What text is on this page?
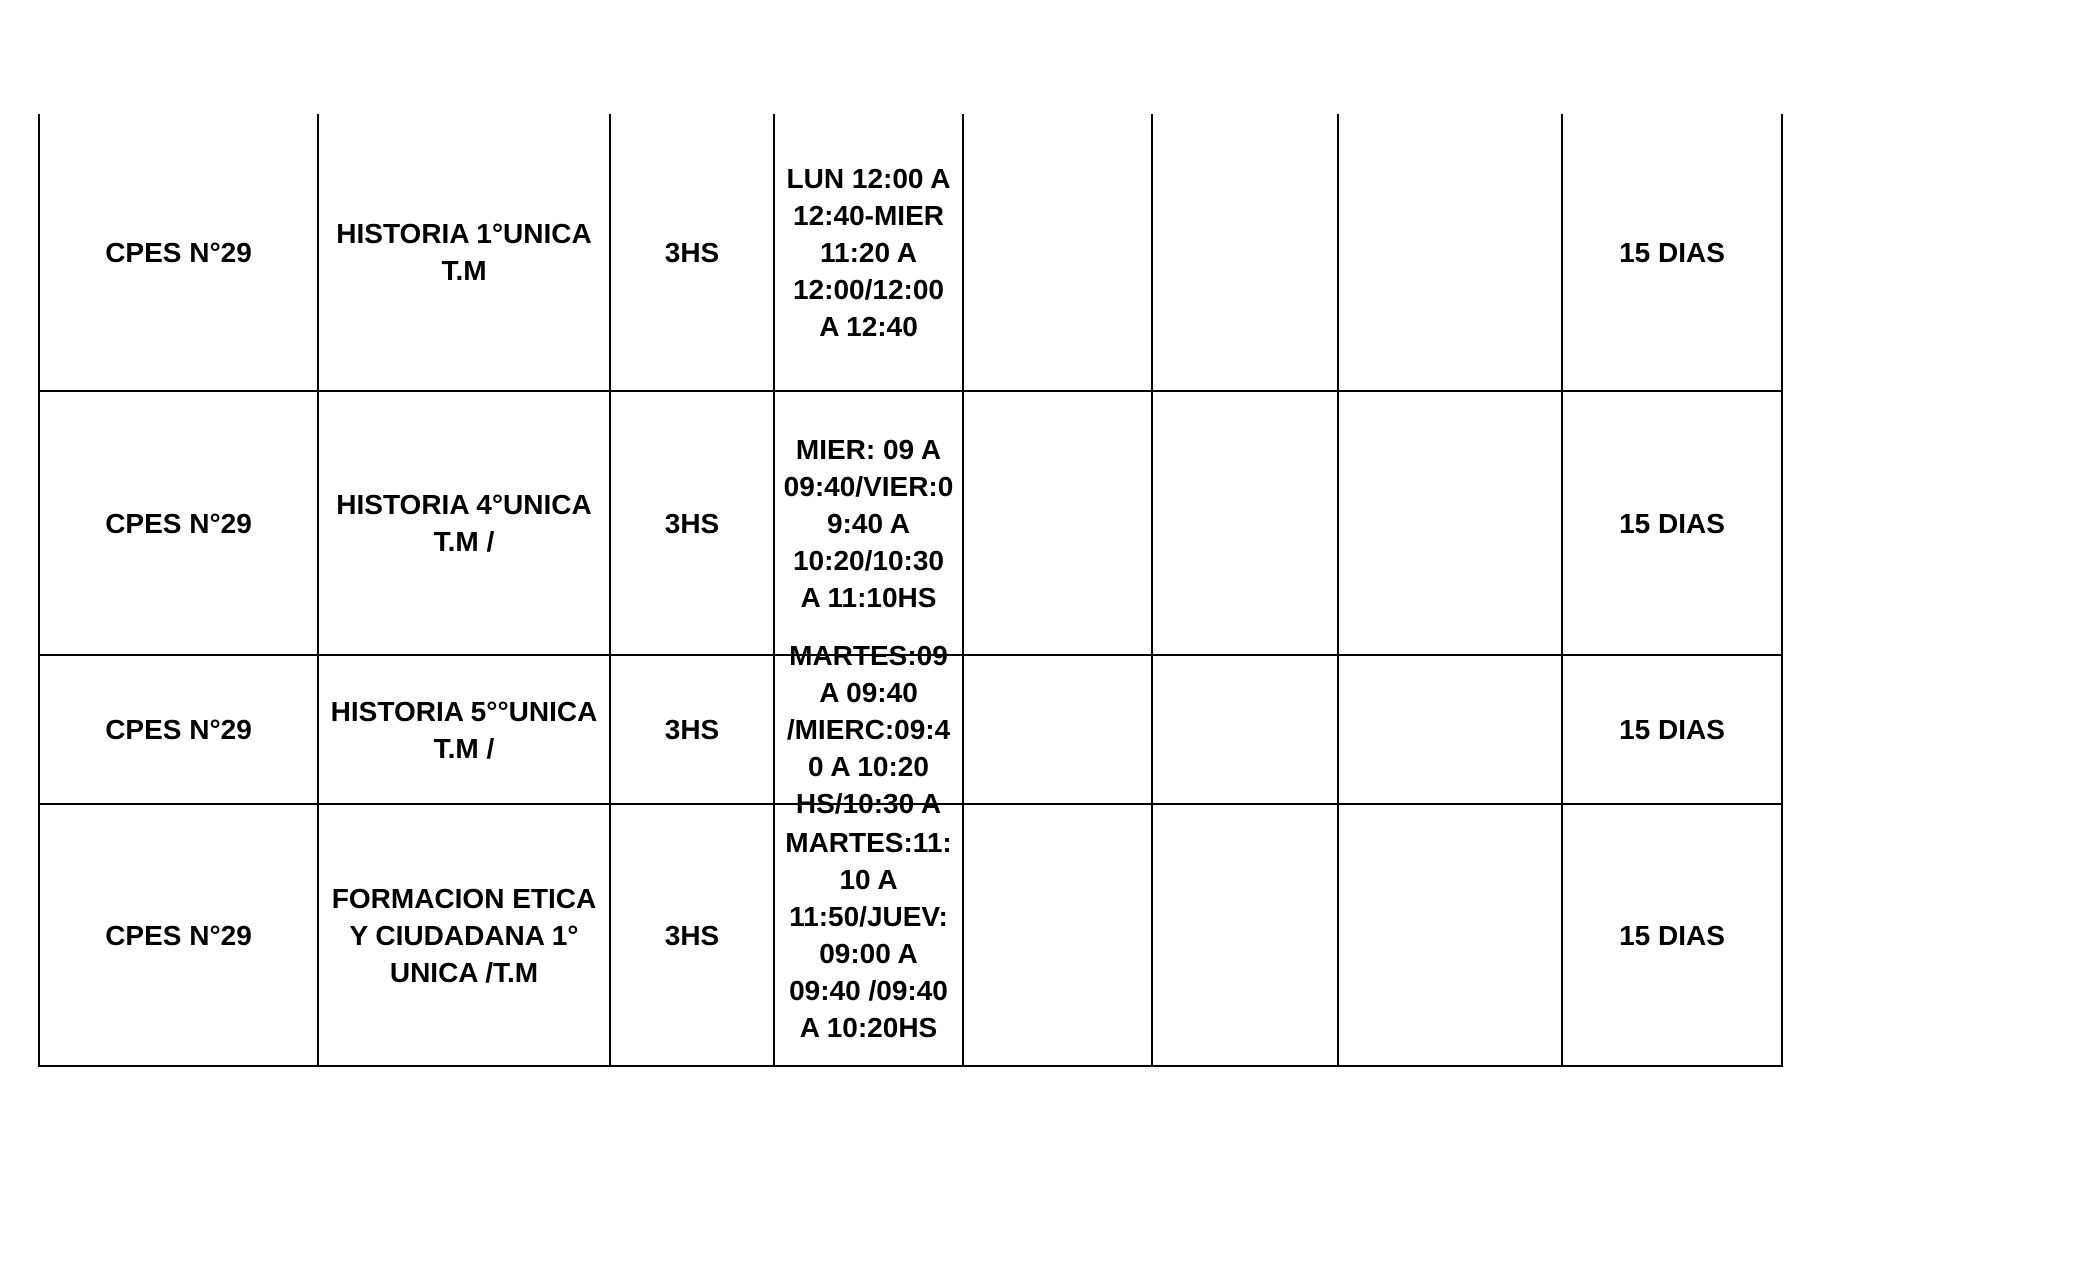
CPES N°29
HISTORIA 1°UNICA
T.M
3HS
LUN 12:00 A
12:40-MIER
11:20 A
12:00/12:00
A 12:40
15 DIAS
CPES N°29
HISTORIA 4°UNICA
T.M /
3HS
MIER: 09 A
09:40/VIER:0
9:40 A
10:20/10:30
A 11:10HS
15 DIAS
CPES N°29
HISTORIA 5°°UNICA
T.M /
3HS
MARTES:09
A 09:40
/MIERC:09:4
0 A 10:20
HS/10:30 A
15 DIAS
CPES N°29
FORMACION ETICA
Y CIUDADANA 1°
UNICA /T.M
3HS
MARTES:11:
10 A
11:50/JUEV:
09:00 A
09:40 /09:40
A 10:20HS
15 DIAS
